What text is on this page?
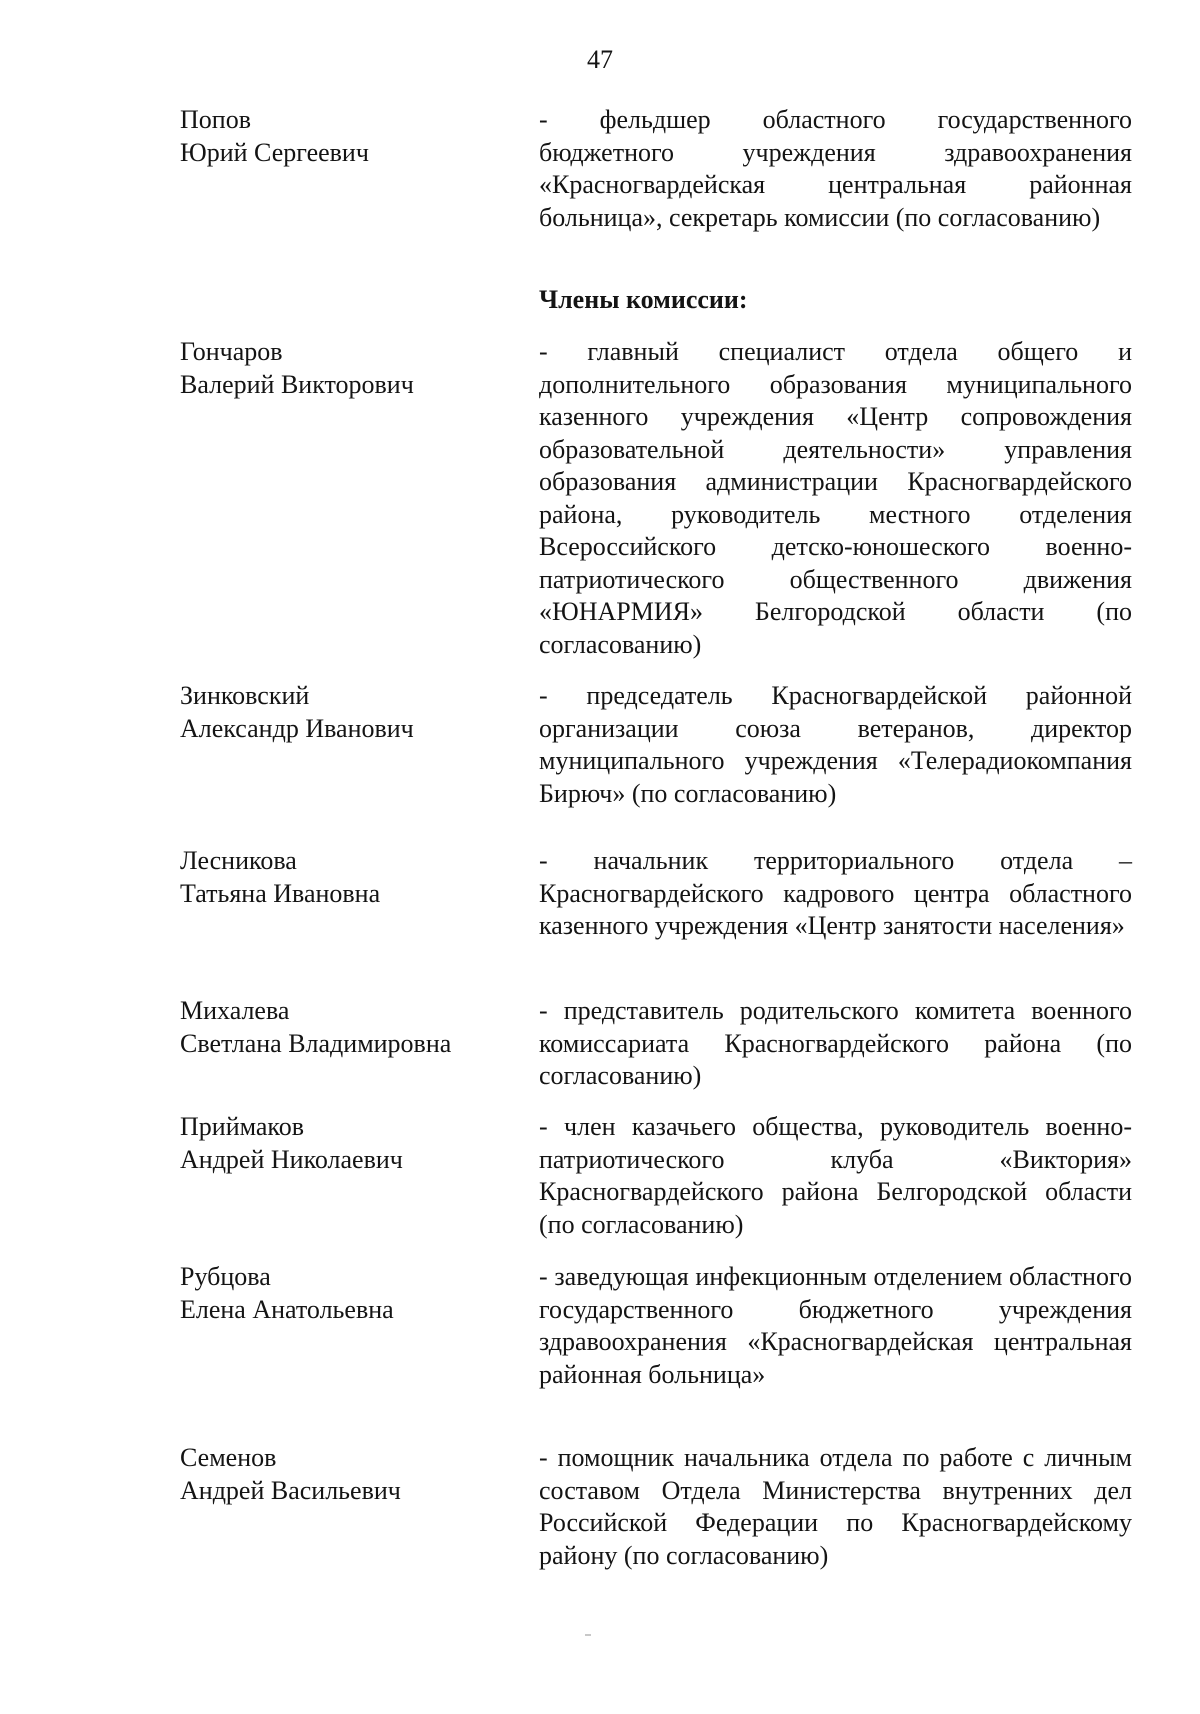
47
Попов
Юрий Сергеевич
- фельдшер областного государственного бюджетного учреждения здравоохранения «Красногвардейская центральная районная больница», секретарь комиссии (по согласованию)
Члены комиссии:
Гончаров
Валерий Викторович
- главный специалист отдела общего и дополнительного образования муниципального казенного учреждения «Центр сопровождения образовательной деятельности» управления образования администрации Красногвардейского района, руководитель местного отделения Всероссийского детско-юношеского военно-патриотического общественного движения «ЮНАРМИЯ» Белгородской области (по согласованию)
Зинковский
Александр Иванович
- председатель Красногвардейской районной организации союза ветеранов, директор муниципального учреждения «Телерадиокомпания Бирюч» (по согласованию)
Лесникова
Татьяна Ивановна
- начальник территориального отдела – Красногвардейского кадрового центра областного казенного учреждения «Центр занятости населения»
Михалева
Светлана Владимировна
- представитель родительского комитета военного комиссариата Красногвардейского района (по согласованию)
Приймаков
Андрей Николаевич
- член казачьего общества, руководитель военно-патриотического клуба «Виктория» Красногвардейского района Белгородской области (по согласованию)
Рубцова
Елена Анатольевна
- заведующая инфекционным отделением областного государственного бюджетного учреждения здравоохранения «Красногвардейская центральная районная больница»
Семенов
Андрей Васильевич
- помощник начальника отдела по работе с личным составом Отдела Министерства внутренних дел Российской Федерации по Красногвардейскому району (по согласованию)
